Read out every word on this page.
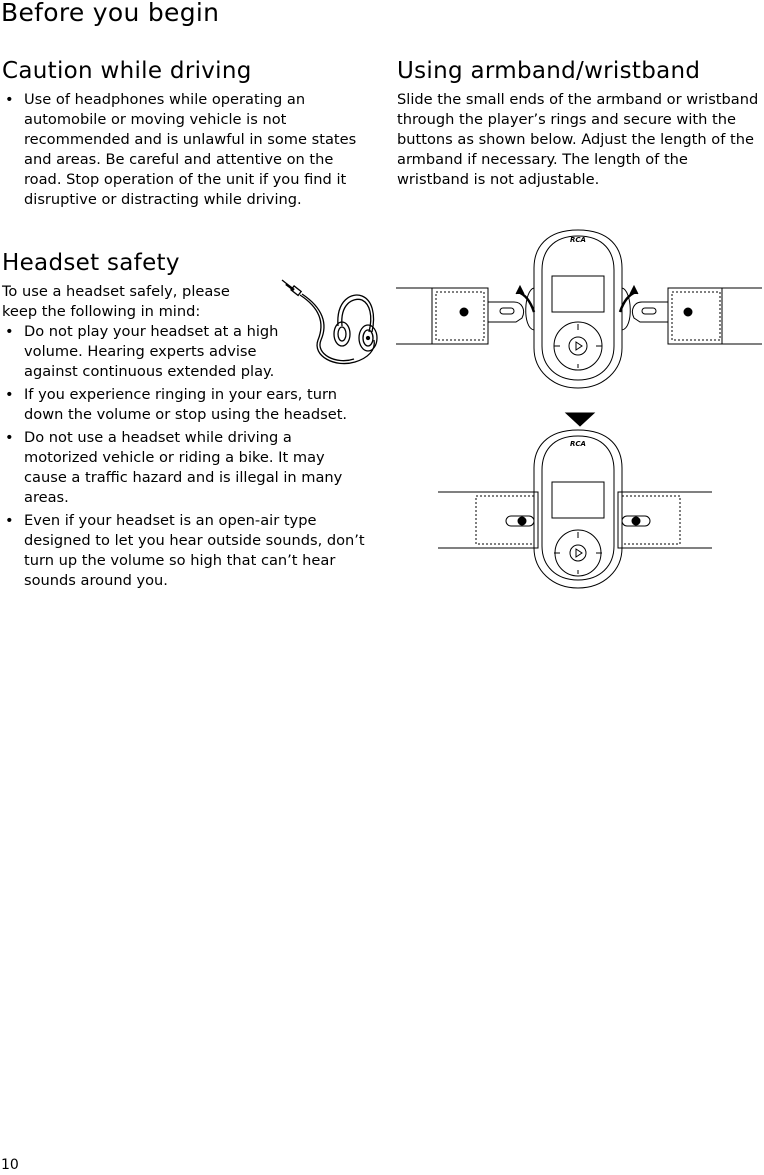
Before you begin
Caution while driving
• Use of headphones while operating an automobile or moving vehicle is not recommended and is unlawful in some states and areas. Be careful and attentive on the road. Stop operation of the unit if you find it disruptive or distracting while driving.
Headset safety

To use a headset safely, please keep the following in mind:

• Do not play your headset at a high volume. Hearing experts advise against continuous extended play.
• If you experience ringing in your ears, turn down the volume or stop using the headset.
• Do not use a headset while driving a motorized vehicle or riding a bike. It may cause a traffic hazard and is illegal in many areas.
• Even if your headset is an open-air type designed to let you hear outside sounds, don’t turn up the volume so high that can’t hear sounds around you.
Using armband/wristband

Slide the small ends of the armband or wristband through the player’s rings and secure with the buttons as shown below. Adjust the length of the armband if necessary. The length of the wristband is not adjustable.

RCA
RCA
10
